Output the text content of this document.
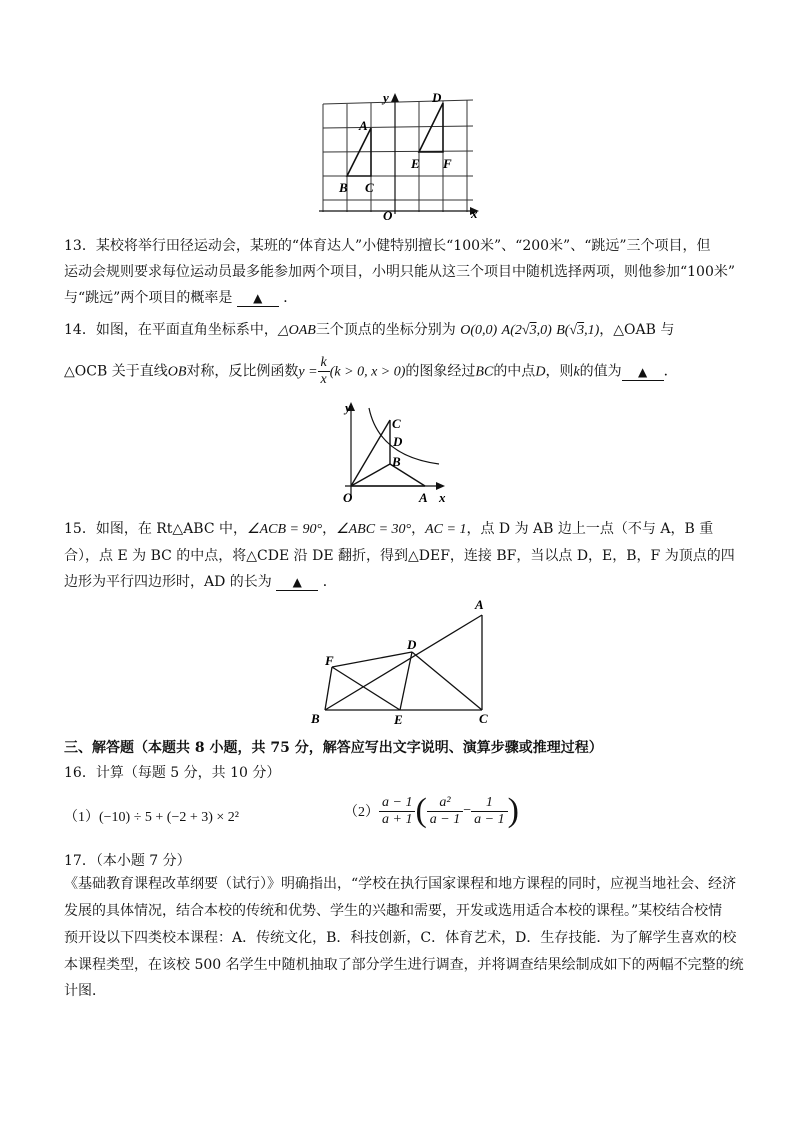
y
x
O
A
B C
D
E F
13．某校将举行田径运动会，某班的“体育达人”小健特别擅长“100米”、“200米”、“跳远”三个项目，但
运动会规则要求每位运动员最多能参加两个项目，小明只能从这三个项目中随机选择两项，则他参加“100米”
与“跳远”两个项目的概率是 ▲ ．
14．如图，在平面直角坐标系中，△OAB三个顶点的坐标分别为 O(0,0) A(2√3,0) B(√3,1)，△OAB 与
△OCB 关于直线OB对称，反比例函数$y = \frac{k}{x} (k > 0$, x > 0)的图象经过BC的中点D，则k的值为 ▲ ．
y
x
O	A
B
C
D
15．如图，在 Rt△ABC 中，∠ACB = 90°，∠ABC = 30°，AC = 1，点 D 为 AB 边上一点（不与 A，B 重
合），点 E 为 BC 的中点，将△CDE 沿 DE 翻折，得到△DEF，连接 BF，当以点 D，E，B，F 为顶点的四
边形为平行四边形时，AD 的长为 ▲ ．
A
B	C
D
E
F
三、解答题（本题共 8 小题，共 75 分，解答应写出文字说明、演算步骤或推理过程）
16．计算（每题 5 分，共 10 分）
（1）(−10) ÷ 5 + (−2 + 3) × 2²	$(2) \frac{a - 1}{a + 1}$ ( $\frac{\text{a²}}{a - 1} - \frac{1}{a - 1}$ )
17．（本小题 7 分）
《基础教育课程改革纲要（试行）》明确指出，“学校在执行国家课程和地方课程的同时，应视当地社会、经济
发展的具体情况，结合本校的传统和优势、学生的兴趣和需要，开发或选用适合本校的课程。”某校结合校情
预开设以下四类校本课程：A．传统文化，B．科技创新，C．体育艺术，D．生存技能．为了解学生喜欢的校
本课程类型，在该校 500 名学生中随机抽取了部分学生进行调查，并将调查结果绘制成如下的两幅不完整的统
计图．
